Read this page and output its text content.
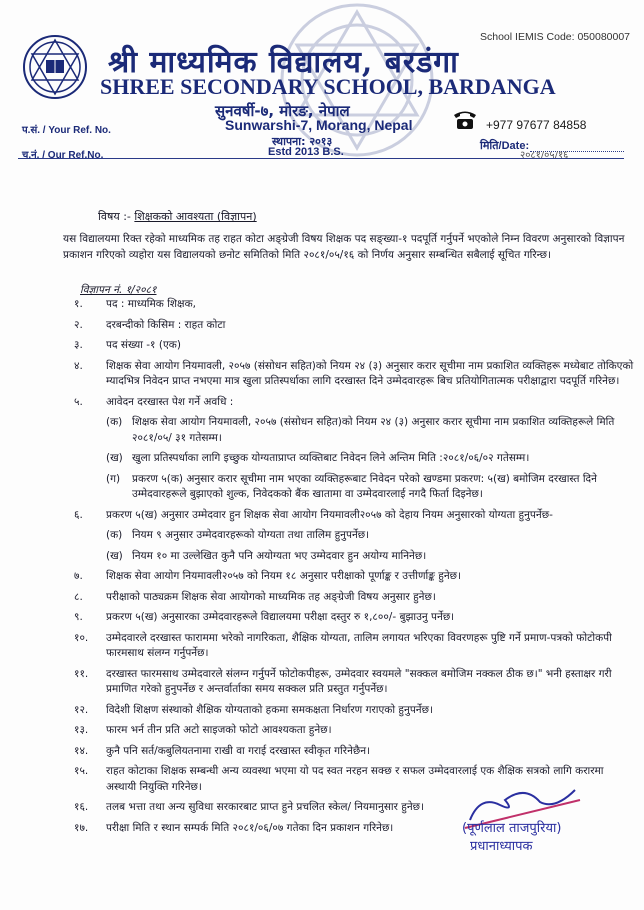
School IEMIS Code: 050080007
श्री माध्यमिक विद्यालय, बरडंगा
SHREE SECONDARY SCHOOL, BARDANGA
सुनवर्षी-७, मोरङ, नेपाल
Sunwarshi-7, Morang, Nepal
स्थापना: २०१३
Estd 2013 B.S.
+977 97677 84858
प.सं. / Your Ref. No.
च.नं. / Our Ref.No.
मिति/Date:
२०८१/०५/१६
विषय :- शिक्षकको आवश्यता (विज्ञापन)
यस विद्यालयमा रिक्त रहेको माध्यमिक तह राहत कोटा अङ्ग्रेजी विषय शिक्षक पद सङ्ख्या-१ पदपूर्ति गर्नुपर्ने भएकोले निम्न विवरण अनुसारको विज्ञापन प्रकाशन गरिएको व्यहोरा यस विद्यालयको छनोट समितिको मिति २०८१/०५/१६ को निर्णय अनुसार सम्बन्धित सबैलाई सूचित गरिन्छ।
विज्ञापन नं. १/२०८१
१.	पद : माध्यमिक शिक्षक,
२.	दरबन्दीको किसिम : राहत कोटा
३.	पद संख्या -१ (एक)
४.	शिक्षक सेवा आयोग नियमावली, २०५७ (संसोधन सहित)को नियम २४ (३) अनुसार करार सूचीमा नाम प्रकाशित व्यक्तिहरू मध्येबाट तोकिएको म्यादभित्र निवेदन प्राप्त नभएमा मात्र खुला प्रतिस्पर्धाका लागि दरखास्त दिने उम्मेदवारहरू बिच प्रतियोगितात्मक परीक्षाद्वारा पदपूर्ति गरिनेछ।
५.	आवेदन दरखास्त पेश गर्ने अवधि :
(क) शिक्षक सेवा आयोग नियमावली, २०५७ (संसोधन सहित)को नियम २४ (३) अनुसार करार सूचीमा नाम प्रकाशित व्यक्तिहरूले मिति २०८१/०५/ ३१ गतेसम्म।
(ख) खुला प्रतिस्पर्धाका लागि इच्छुक योग्यताप्राप्त व्यक्तिबाट निवेदन लिने अन्तिम मिति :२०८१/०६/०२ गतेसम्म।
(ग)	प्रकरण ५(क) अनुसार करार सूचीमा नाम भएका व्यक्तिहरूबाट निवेदन परेको खण्डमा प्रकरण: ५(ख) बमोजिम दरखास्त दिने उम्मेदवारहरूले बुझाएको शुल्क, निवेदकको बैंक खातामा वा उम्मेदवारलाई नगदै फिर्ता दिइनेछ।
६.	प्रकरण ५(ख) अनुसार उम्मेदवार हुन शिक्षक सेवा आयोग नियमावली२०५७ को देहाय नियम अनुसारको योग्यता हुनुपर्नेछ-
(क) नियम ९ अनुसार उम्मेदवारहरूको योग्यता तथा तालिम हुनुपर्नेछ।
(ख) नियम १० मा उल्लेखित कुनै पनि अयोग्यता भए उम्मेदवार हुन अयोग्य मानिनेछ।
७.	शिक्षक सेवा आयोग नियमावली२०५७ को नियम १८ अनुसार परीक्षाको पूर्णाङ्क र उत्तीर्णाङ्क हुनेछ।
८.	परीक्षाको पाठ्यक्रम शिक्षक सेवा आयोगको माध्यमिक तह अङ्ग्रेजी विषय अनुसार हुनेछ।
९.	प्रकरण ५(ख) अनुसारका उम्मेदवारहरूले विद्यालयमा परीक्षा दस्तुर रु १,८००/- बुझाउनु पर्नेछ।
१०.	उम्मेदवारले दरखास्त फाराममा भरेको नागरिकता, शैक्षिक योग्यता, तालिम लगायत भरिएका विवरणहरू पुष्टि गर्ने प्रमाण-पत्रको फोटोकपी फारमसाथ संलग्न गर्नुपर्नेछ।
११.	दरखास्त फारमसाथ उम्मेदवारले संलग्न गर्नुपर्ने फोटोकपीहरू, उम्मेदवार स्वयमले "सक्कल बमोजिम नक्कल ठीक छ।" भनी हस्ताक्षर गरी प्रमाणित गरेको हुनुपर्नेछ र अन्तर्वार्ताका समय सक्कल प्रति प्रस्तुत गर्नुपर्नेछ।
१२.	विदेशी शिक्षण संस्थाको शैक्षिक योग्यताको हकमा समकक्षता निर्धारण गराएको हुनुपर्नेछ।
१३.	फारम भर्न तीन प्रति अटो साइजको फोटो आवश्यकता हुनेछ।
१४.	कुनै पनि सर्त/कबुलियतनामा राखी वा गराई दरखास्त स्वीकृत गरिनेछैन।
१५.	राहत कोटाका शिक्षक सम्बन्धी अन्य व्यवस्था भएमा यो पद स्वत नरहन सक्छ र सफल उम्मेदवारलाई एक शैक्षिक सत्रको लागि करारमा अस्थायी नियुक्ति गरिनेछ।
१६.	तलब भत्ता तथा अन्य सुविधा सरकारबाट प्राप्त हुने प्रचलित स्केल/ नियमानुसार हुनेछ।
१७.	परीक्षा मिति र स्थान सम्पर्क मिति २०८१/०६/०७ गतेका दिन प्रकाशन गरिनेछ।	(पूर्णलाल ताजपुरिया)
प्रधानाध्यापक
